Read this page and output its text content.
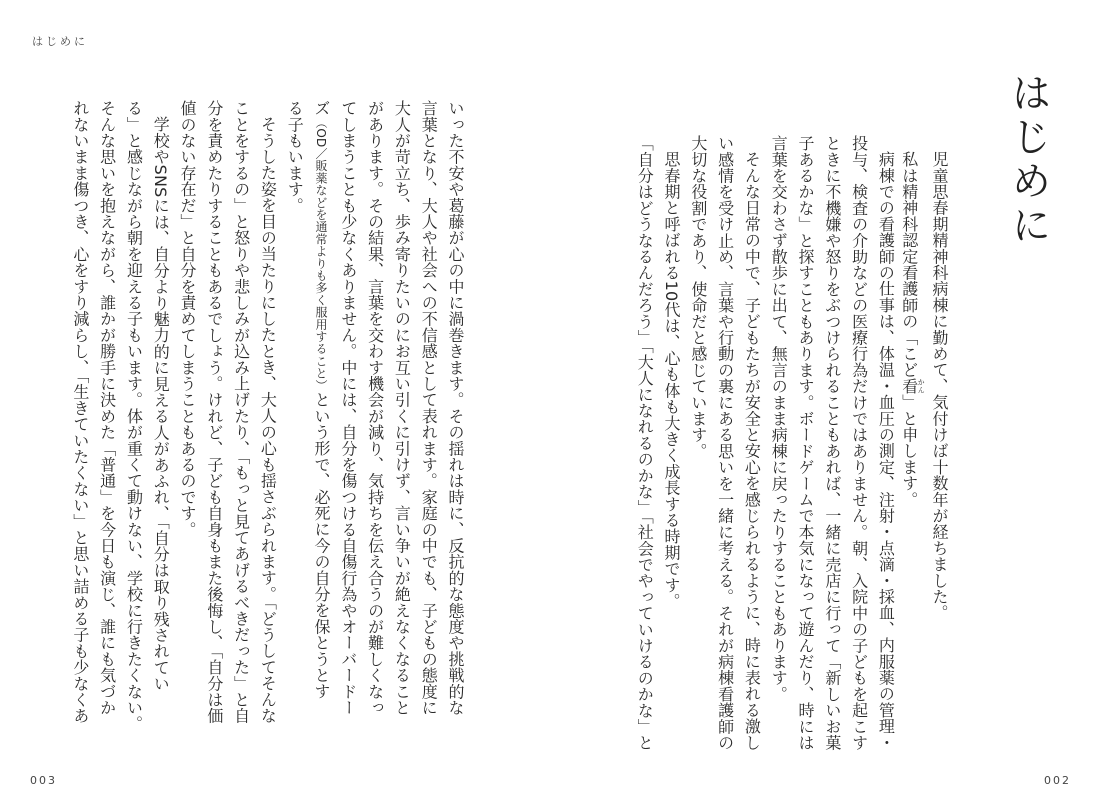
はじめに
はじめに
児童思春期精神科病棟に勤めて、気付けば十数年が経ちました。
私は精神科認定看護師の「こど看かん」と申します。
病棟での看護師の仕事は、体温・血圧の測定、注射・点滴・採血、内服薬の管理・
投与、検査の介助などの医療行為だけではありません。朝、入院中の子どもを起こす
ときに不機嫌や怒りをぶつけられることもあれば、一緒に売店に行って「新しいお菓
子あるかな」と探すこともあります。ボードゲームで本気になって遊んだり、時には
言葉を交わさず散歩に出て、無言のまま病棟に戻ったりすることもあります。
そんな日常の中で、子どもたちが安全と安心を感じられるように、時に表れる激し
い感情を受け止め、言葉や行動の裏にある思いを一緒に考える。それが病棟看護師の
大切な役割であり、使命だと感じています。
思春期と呼ばれる10代は、心も体も大きく成長する時期です。
「自分はどうなるんだろう」「大人になれるのかな」「社会でやっていけるのかな」と
いった不安や葛藤が心の中に渦巻きます。その揺れは時に、反抗的な態度や挑戦的な
言葉となり、大人や社会への不信感として表れます。家庭の中でも、子どもの態度に
大人が苛立ち、歩み寄りたいのにお互い引くに引けず、言い争いが絶えなくなること
があります。その結果、言葉を交わす機会が減り、気持ちを伝え合うのが難しくなっ
てしまうことも少なくありません。中には、自分を傷つける自傷行為やオーバードー
ズ（OD／販薬などを通常よりも多く服用すること）という形で、必死に今の自分を保とうとす
る子もいます。
そうした姿を目の当たりにしたとき、大人の心も揺さぶられます。「どうしてそんな
ことをするの」と怒りや悲しみが込み上げたり、「もっと見てあげるべきだった」と自
分を責めたりすることもあるでしょう。けれど、子ども自身もまた後悔し、「自分は価
値のない存在だ」と自分を責めてしまうこともあるのです。
学校やSNSには、自分より魅力的に見える人があふれ、「自分は取り残されてい
る」と感じながら朝を迎える子もいます。体が重くて動けない、学校に行きたくない。
そんな思いを抱えながら、誰かが勝手に決めた「普通」を今日も演じ、誰にも気づか
れないまま傷つき、心をすり減らし、「生きていたくない」と思い詰める子も少なくあ
003	002
